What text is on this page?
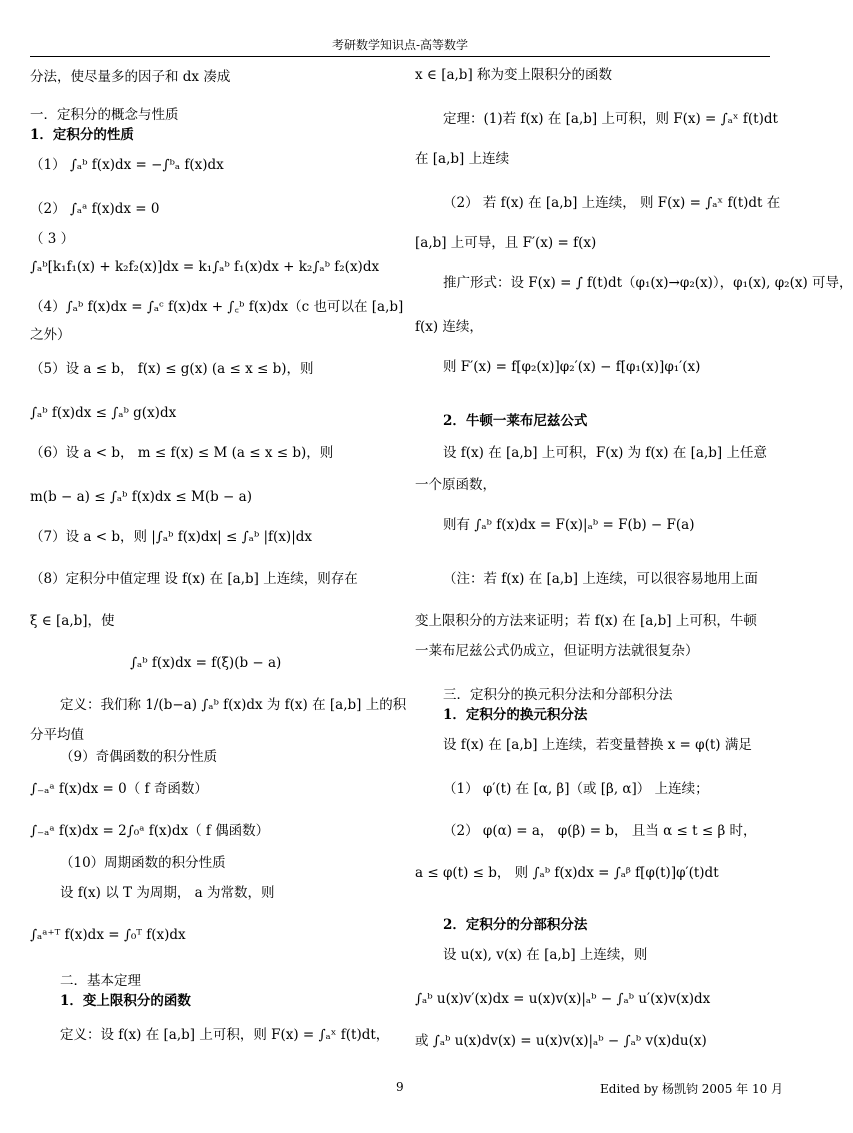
考研数学知识点-高等数学
分法，使尽量多的因子和 dx 凑成
一．定积分的概念与性质
1．定积分的性质
（1） ∫ₐᵇ f(x)dx = −∫ᵇₐ f(x)dx
（2） ∫ₐᵃ f(x)dx = 0
（ 3 ）
∫ₐᵇ[k₁f₁(x) + k₂f₂(x)]dx = k₁∫ₐᵇ f₁(x)dx + k₂∫ₐᵇ f₂(x)dx
（4）∫ₐᵇ f(x)dx = ∫ₐᶜ f(x)dx + ∫꜀ᵇ f(x)dx（c 也可以在 [a,b]
之外）
（5）设 a ≤ b， f(x) ≤ g(x) (a ≤ x ≤ b)，则
∫ₐᵇ f(x)dx ≤ ∫ₐᵇ g(x)dx
（6）设 a < b， m ≤ f(x) ≤ M (a ≤ x ≤ b)，则
m(b − a) ≤ ∫ₐᵇ f(x)dx ≤ M(b − a)
（7）设 a < b，则 |∫ₐᵇ f(x)dx| ≤ ∫ₐᵇ |f(x)|dx
（8）定积分中值定理 设 f(x) 在 [a,b] 上连续，则存在
ξ ∈ [a,b]，使
∫ₐᵇ f(x)dx = f(ξ)(b − a)
定义：我们称 1/(b−a) ∫ₐᵇ f(x)dx 为 f(x) 在 [a,b] 上的积
分平均值
（9）奇偶函数的积分性质
∫₋ₐᵃ f(x)dx = 0（ f 奇函数）
∫₋ₐᵃ f(x)dx = 2∫₀ᵃ f(x)dx（ f 偶函数）
（10）周期函数的积分性质
设 f(x) 以 T 为周期， a 为常数，则
∫ₐᵃ⁺ᵀ f(x)dx = ∫₀ᵀ f(x)dx
二．基本定理
1．变上限积分的函数
定义：设 f(x) 在 [a,b] 上可积，则 F(x) = ∫ₐˣ f(t)dt，
x ∈ [a,b] 称为变上限积分的函数
定理：(1)若 f(x) 在 [a,b] 上可积，则 F(x) = ∫ₐˣ f(t)dt
在 [a,b] 上连续
（2） 若 f(x) 在 [a,b] 上连续， 则 F(x) = ∫ₐˣ f(t)dt 在
[a,b] 上可导，且 F′(x) = f(x)
推广形式：设 F(x) = ∫ f(t)dt（φ₁(x)→φ₂(x)），φ₁(x), φ₂(x) 可导，
f(x) 连续，
则 F′(x) = f[φ₂(x)]φ₂′(x) − f[φ₁(x)]φ₁′(x)
2．牛顿一莱布尼兹公式
设 f(x) 在 [a,b] 上可积，F(x) 为 f(x) 在 [a,b] 上任意
一个原函数，
则有 ∫ₐᵇ f(x)dx = F(x)|ₐᵇ = F(b) − F(a)
（注：若 f(x) 在 [a,b] 上连续，可以很容易地用上面
变上限积分的方法来证明；若 f(x) 在 [a,b] 上可积，牛顿
一莱布尼兹公式仍成立，但证明方法就很复杂）
三．定积分的换元积分法和分部积分法
1．定积分的换元积分法
设 f(x) 在 [a,b] 上连续，若变量替换 x = φ(t) 满足
（1） φ′(t) 在 [α, β]（或 [β, α]） 上连续；
（2） φ(α) = a， φ(β) = b， 且当 α ≤ t ≤ β 时，
a ≤ φ(t) ≤ b， 则 ∫ₐᵇ f(x)dx = ∫ₐᵝ f[φ(t)]φ′(t)dt
2．定积分的分部积分法
设 u(x), v(x) 在 [a,b] 上连续，则
∫ₐᵇ u(x)v′(x)dx = u(x)v(x)|ₐᵇ − ∫ₐᵇ u′(x)v(x)dx
或 ∫ₐᵇ u(x)dv(x) = u(x)v(x)|ₐᵇ − ∫ₐᵇ v(x)du(x)
9	Edited by 杨凯钧 2005 年 10 月
